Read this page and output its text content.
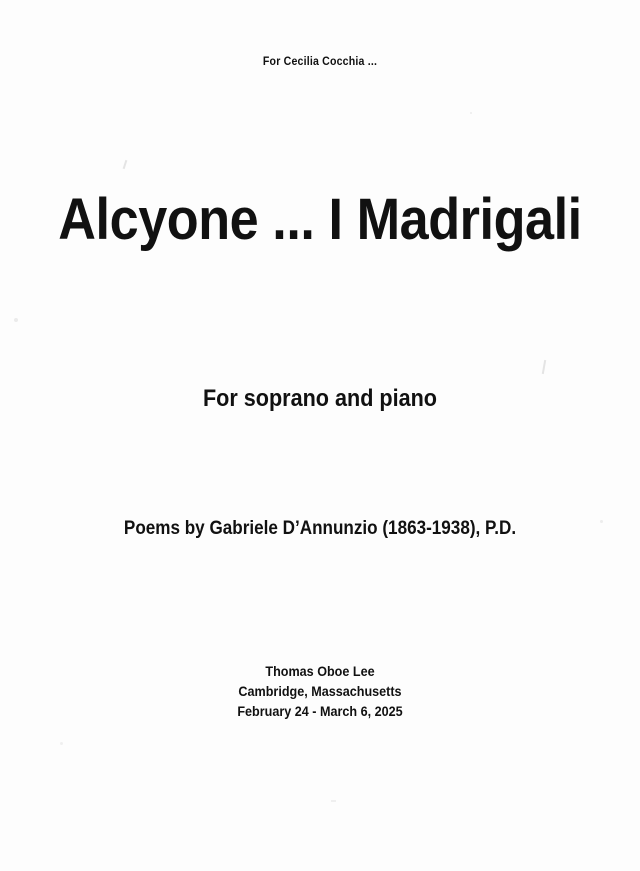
For Cecilia Cocchia ...
Alcyone ... I Madrigali
For soprano and piano
Poems by Gabriele D’Annunzio (1863-1938), P.D.
Thomas Oboe Lee
Cambridge, Massachusetts
February 24 - March 6, 2025
